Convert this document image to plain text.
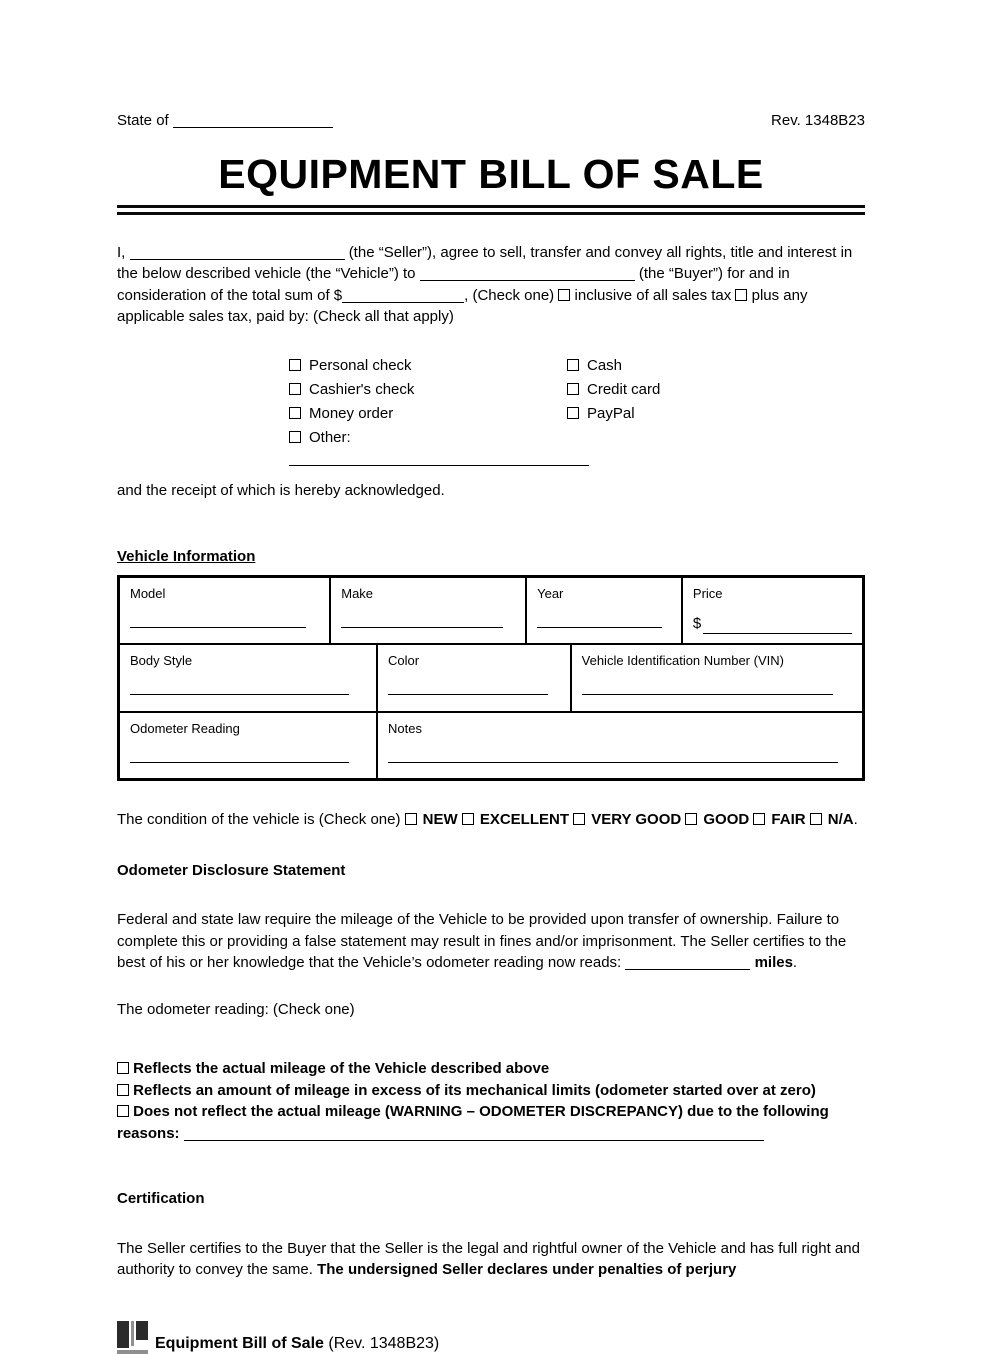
State of	Rev. 1348B23
EQUIPMENT BILL OF SALE

I,	(the “Seller”), agree to sell, transfer and convey all rights, title and interest in the below described vehicle (the “Vehicle”) to	(the “Buyer”) for and in consideration of the total sum of $	, (Check one) inclusive of all sales tax plus any applicable sales tax, paid by: (Check all that apply)

Personal check
Cashier's check
Money order
Other:
Cash
Credit card
PayPal

and the receipt of which is hereby acknowledged.

Vehicle Information
Model	Make	Year	Price
$
Body Style	Color	Vehicle Identification Number (VIN)
Odometer Reading	Notes

The condition of the vehicle is (Check one) NEW EXCELLENT VERY GOOD GOOD FAIR N/A.

Odometer Disclosure Statement

Federal and state law require the mileage of the Vehicle to be provided upon transfer of ownership. Failure to complete this or providing a false statement may result in fines and/or imprisonment. The Seller certifies to the best of his or her knowledge that the Vehicle’s odometer reading now reads:	miles.

The odometer reading: (Check one)

Reflects the actual mileage of the Vehicle described above
Reflects an amount of mileage in excess of its mechanical limits (odometer started over at zero)
Does not reflect the actual mileage (WARNING – ODOMETER DISCREPANCY) due to the following reasons:
Certification

The Seller certifies to the Buyer that the Seller is the legal and rightful owner of the Vehicle and has full right and authority to convey the same. The undersigned Seller declares under penalties of perjury

Equipment Bill of Sale (Rev. 1348B23)
